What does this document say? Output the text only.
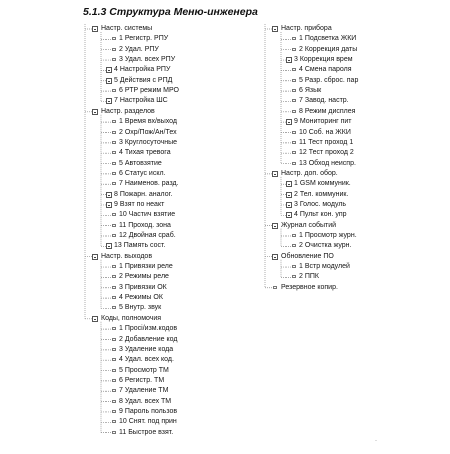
5.1.3 Структура Меню-инженера
Настр. системы
1 Регистр. РПУ
2 Удал. РПУ
3 Удал. всех РПУ
4 Настройка РПУ
5 Действия с РПД
6 РТР режим МРО
7 Настройка ШС
Настр. разделов
1 Время вх/выход
2 Охр/Пож/Ан/Тех
3 Круглосуточные
4 Тихая тревога
5 Автовзятие
6 Статус искл.
7 Наименов. разд.
8 Пожарн. аналог.
9 Взят по неакт
10 Частич взятие
11 Проход. зона
12 Двойная сраб.
13 Память сост.
Настр. выходов
1 Привязки реле
2 Режимы реле
3 Привязки ОК
4 Режимы ОК
5 Внутр. звук
Коды, полномочия
1 Просі/изм.кодов
2 Добавление код
3 Удаление кода
4 Удал. всех код.
5 Просмотр ТМ
6 Регистр. ТМ
7 Удаление ТМ
8 Удал. всех ТМ
9 Пароль пользов
10 Снят. под прин
11 Быстрое взят.
Настр. прибора
1 Подсветка ЖКИ
2 Коррекция даты
3 Коррекция врем
4 Смена пароля
5 Разр. сброс. пар
6 Язык
7 Завод. настр.
8 Режим дисплея
9 Мониторинг пит
10 Соб. на ЖКИ
11 Тест проход 1
12 Тест проход 2
13 Обход неиспр.
Настр. доп. обор.
1 GSM коммуник.
2 Тел. коммуник.
3 Голос. модуль
4 Пульт кон. упр
Журнал событий
1 Просмотр журн.
2 Очистка журн.
Обновление ПО
1 Встр модулей
2 ППК
Резервное копир.
-
